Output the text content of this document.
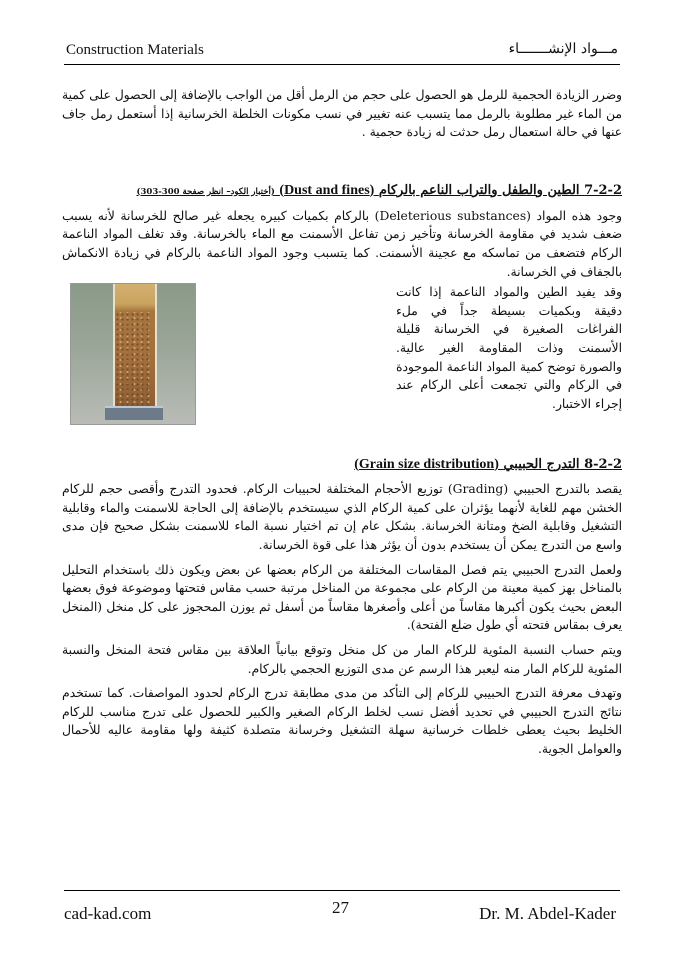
Construction Materials	مـــواد الإنشـــــــاء

وضرر الزيادة الحجمية للرمل هو الحصول على حجم من الرمل أقل من الواجب بالإضافة إلى الحصول على كمية من الماء غير مطلوبة بالرمل مما يتسبب عنه تغيير في نسب مكونات الخلطة الخرسانية إذا أستعمل رمل جاف عنها في حالة استعمال رمل حدثت له زيادة حجمية .

7-2-2 الطين والطفل والتراب الناعم بالركام (Dust and fines) (أختبار الكود– انظر صفحة 300-303)

وجود هذه المواد (Deleterious substances) بالركام بكميات كبيره يجعله غير صالح للخرسانة لأنه يسبب ضعف شديد في مقاومة الخرسانة وتأخير زمن تفاعل الأسمنت مع الماء بالخرسانة. وقد تغلف المواد الناعمة الركام فتضعف من تماسكه مع عجينة الأسمنت. كما يتسبب وجود المواد الناعمة بالركام في زيادة الانكماش بالجفاف في الخرسانة.

وقد يفيد الطين والمواد الناعمة إذا كانت دقيقة وبكميات بسيطة جداً في ملء الفراغات الصغيرة في الخرسانة قليلة الأسمنت وذات المقاومة الغير عالية. والصورة توضح كمية المواد الناعمة الموجودة في الركام والتي تجمعت أعلى الركام عند إجراء الاختبار.

8-2-2 التدرج الحبيبي (Grain size distribution)

يقصد بالتدرج الحبيبي (Grading) توزيع الأحجام المختلفة لحبيبات الركام. فحدود التدرج وأقصى حجم للركام الخشن مهم للغاية لأنهما يؤثران على كمية الركام الذي سيستخدم بالإضافة إلى الحاجة للاسمنت والماء وقابلية التشغيل وقابلية الضخ ومتانة الخرسانة. بشكل عام إن تم اختيار نسبة الماء للاسمنت بشكل صحيح فإن مدى واسع من التدرج يمكن أن يستخدم بدون أن يؤثر هذا على قوة الخرسانة.

ولعمل التدرج الحبيبي يتم فصل المقاسات المختلفة من الركام بعضها عن بعض ويكون ذلك باستخدام التحليل بالمناخل بهز كمية معينة من الركام على مجموعة من المناخل مرتبة حسب مقاس فتحتها وموضوعة فوق بعضها البعض بحيث يكون أكبرها مقاساً من أعلى وأصغرها مقاساً من أسفل ثم يوزن المحجوز على كل منخل (المنخل يعرف بمقاس فتحته أي طول ضلع الفتحة).

ويتم حساب النسبة المئوية للركام المار من كل منخل وتوقع بيانياً العلاقة بين مقاس فتحة المنخل والنسبة المئوية للركام المار منه ليعبر هذا الرسم عن مدى التوزيع الحجمي بالركام.

وتهدف معرفة التدرج الحبيبي للركام إلى التأكد من مدى مطابقة تدرج الركام لحدود المواصفات. كما تستخدم نتائج التدرج الحبيبي في تحديد أفضل نسب لخلط الركام الصغير والكبير للحصول على تدرج مناسب للركام الخليط بحيث يعطى خلطات خرسانية سهلة التشغيل وخرسانة متصلدة كثيفة ولها مقاومة عاليه للأحمال والعوامل الجوية.

cad-kad.com	27	Dr. M. Abdel-Kader
